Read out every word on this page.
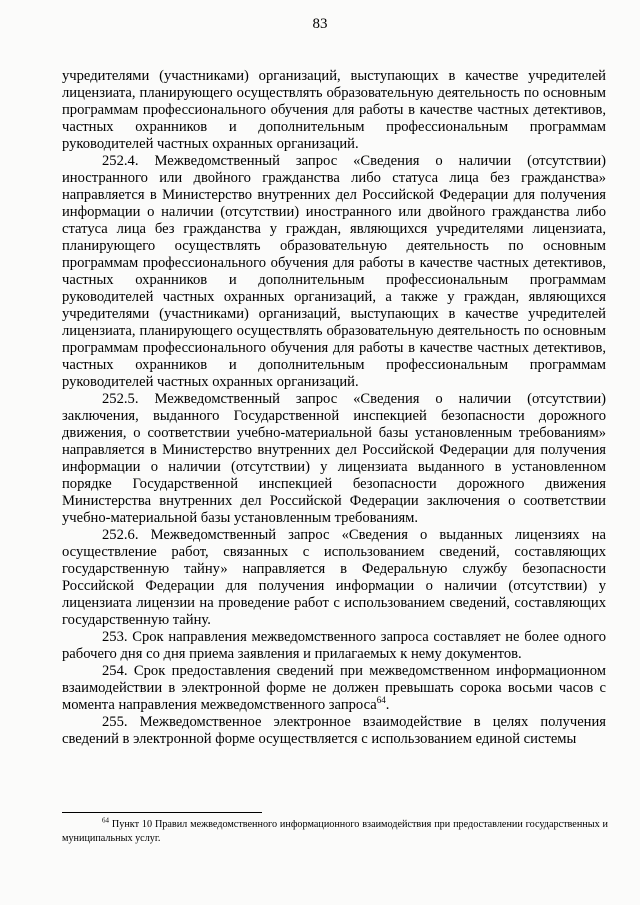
83

учредителями (участниками) организаций, выступающих в качестве учредителей лицензиата, планирующего осуществлять образовательную деятельность по основным программам профессионального обучения для работы в качестве частных детективов, частных охранников и дополнительным профессиональным программам руководителей частных охранных организаций.

252.4. Межведомственный запрос «Сведения о наличии (отсутствии) иностранного или двойного гражданства либо статуса лица без гражданства» направляется в Министерство внутренних дел Российской Федерации для получения информации о наличии (отсутствии) иностранного или двойного гражданства либо статуса лица без гражданства у граждан, являющихся учредителями лицензиата, планирующего осуществлять образовательную деятельность по основным программам профессионального обучения для работы в качестве частных детективов, частных охранников и дополнительным профессиональным программам руководителей частных охранных организаций, а также у граждан, являющихся учредителями (участниками) организаций, выступающих в качестве учредителей лицензиата, планирующего осуществлять образовательную деятельность по основным программам профессионального обучения для работы в качестве частных детективов, частных охранников и дополнительным профессиональным программам руководителей частных охранных организаций.

252.5. Межведомственный запрос «Сведения о наличии (отсутствии) заключения, выданного Государственной инспекцией безопасности дорожного движения, о соответствии учебно-материальной базы установленным требованиям» направляется в Министерство внутренних дел Российской Федерации для получения информации о наличии (отсутствии) у лицензиата выданного в установленном порядке Государственной инспекцией безопасности дорожного движения Министерства внутренних дел Российской Федерации заключения о соответствии учебно-материальной базы установленным требованиям.

252.6. Межведомственный запрос «Сведения о выданных лицензиях на осуществление работ, связанных с использованием сведений, составляющих государственную тайну» направляется в Федеральную службу безопасности Российской Федерации для получения информации о наличии (отсутствии) у лицензиата лицензии на проведение работ с использованием сведений, составляющих государственную тайну.

253. Срок направления межведомственного запроса составляет не более одного рабочего дня со дня приема заявления и прилагаемых к нему документов.

254. Срок предоставления сведений при межведомственном информационном взаимодействии в электронной форме не должен превышать сорока восьми часов с момента направления межведомственного запроса$^{64}$.

255. Межведомственное электронное взаимодействие в целях получения сведений в электронной форме осуществляется с использованием единой системы

$^{64}$ Пункт 10 Правил межведомственного информационного взаимодействия при предоставлении государственных и муниципальных услуг.
